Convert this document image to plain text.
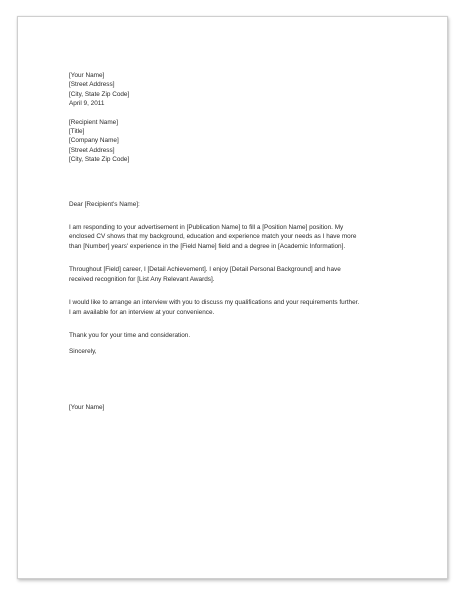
[Your Name]
[Street Address]
[City, State Zip Code]
April 9, 2011
[Recipient Name]
[Title]
[Company Name]
[Street Address]
[City, State Zip Code]
Dear [Recipient's Name]:
I am responding to your advertisement in [Publication Name] to fill a [Position Name] position. My
enclosed CV shows that my background, education and experience match your needs as I have more
than [Number] years' experience in the [Field Name] field and a degree in [Academic Information].
Throughout [Field] career, I [Detail Achievement]. I enjoy [Detail Personal Background] and have
received recognition for [List Any Relevant Awards].
I would like to arrange an interview with you to discuss my qualifications and your requirements further.
I am available for an interview at your convenience.
Thank you for your time and consideration.
Sincerely,
[Your Name]
